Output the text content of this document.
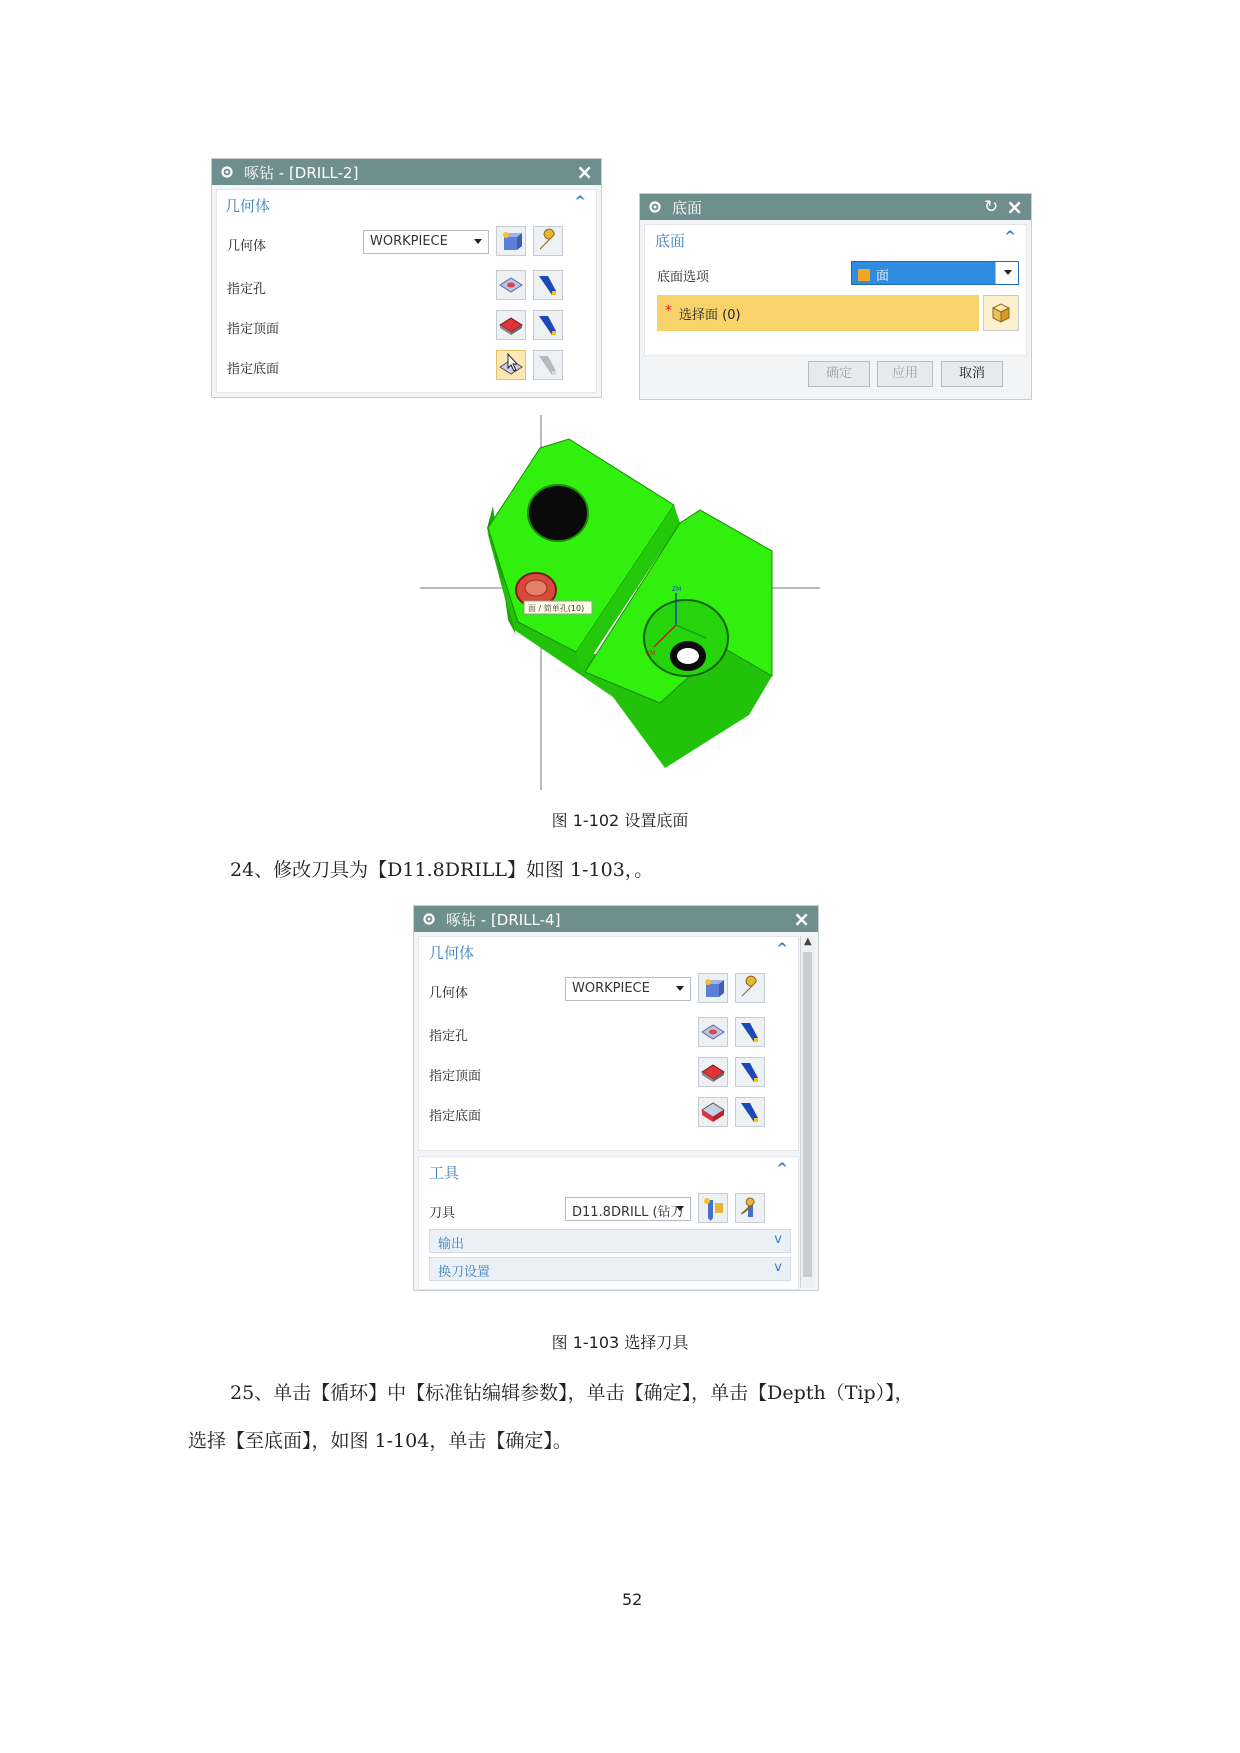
啄钻 - [DRILL-2]	×
几何体	^
几何体	WORKPIECE
指定孔
指定顶面
指定底面
底面	↻ ×
底面	^
底面选项	面
* 选择面 (0)
确定	应用	取消
面 / 简单孔(10)
ZM
XM
图 1-102 设置底面
24、修改刀具为【D11.8DRILL】如图 1-103，。
啄钻 - [DRILL-4]	×
▲
几何体	^
几何体	WORKPIECE
指定孔
指定顶面
指定底面
工具	^
刀具	D11.8DRILL (钻刀
输出	v
换刀设置	v
图 1-103 选择刀具
25、单击【循环】中【标准钻编辑参数】，单击【确定】，单击【Depth（Tip）】，
选择【至底面】，如图 1-104，单击【确定】。
52
